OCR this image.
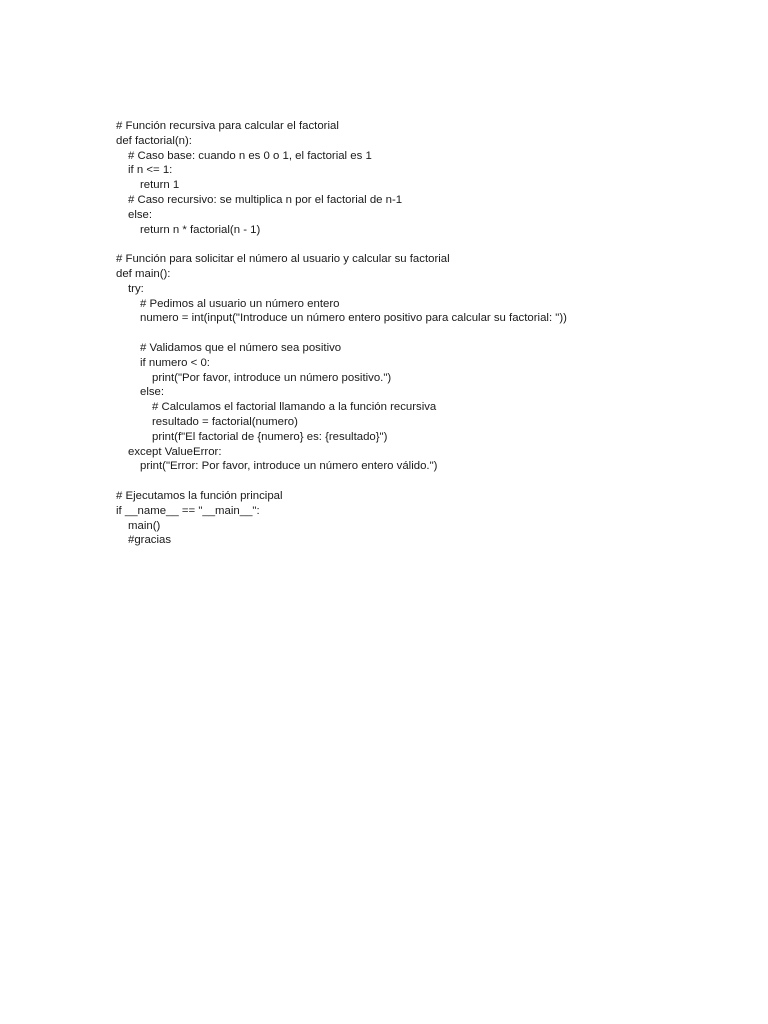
# Función recursiva para calcular el factorial
def factorial(n):
# Caso base: cuando n es 0 o 1, el factorial es 1
if n <= 1:
return 1
# Caso recursivo: se multiplica n por el factorial de n-1
else:
return n * factorial(n - 1)
# Función para solicitar el número al usuario y calcular su factorial
def main():
try:
# Pedimos al usuario un número entero
numero = int(input("Introduce un número entero positivo para calcular su factorial: "))
# Validamos que el número sea positivo
if numero < 0:
print("Por favor, introduce un número positivo.")
else:
# Calculamos el factorial llamando a la función recursiva
resultado = factorial(numero)
print(f"El factorial de {numero} es: {resultado}")
except ValueError:
print("Error: Por favor, introduce un número entero válido.")
# Ejecutamos la función principal
if __name__ == "__main__":
main()
#gracias
